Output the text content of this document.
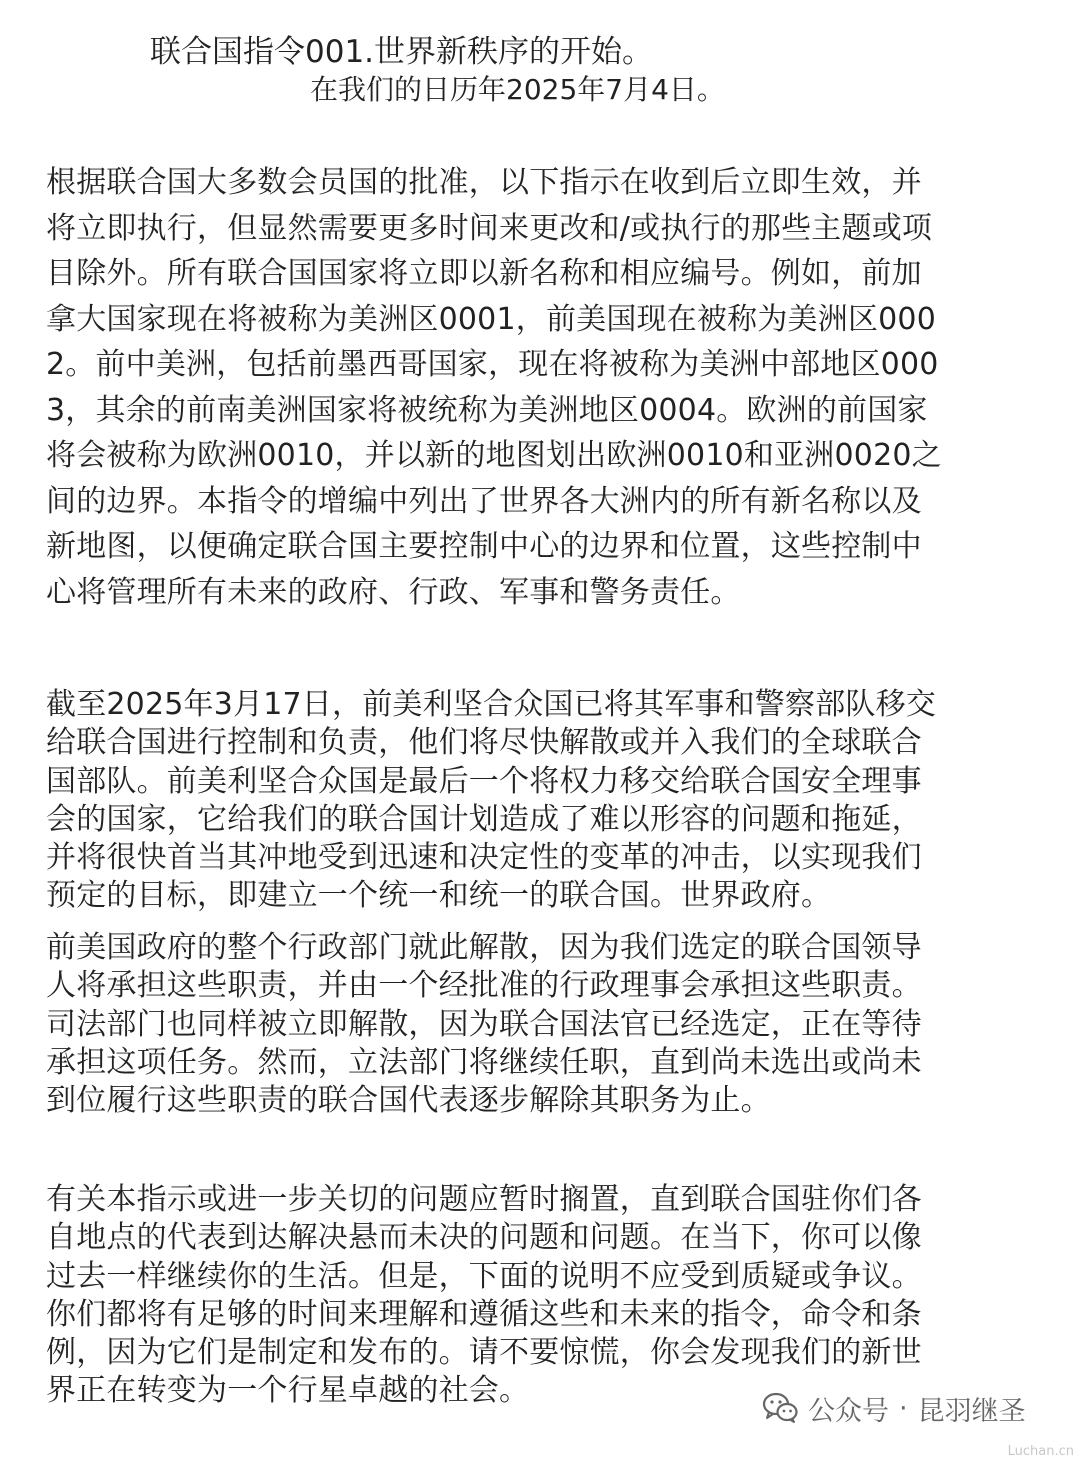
联合国指令001.世界新秩序的开始。
在我们的日历年2025年7月4日。
根据联合国大多数会员国的批准，以下指示在收到后立即生效，并
将立即执行，但显然需要更多时间来更改和/或执行的那些主题或项
目除外。所有联合国国家将立即以新名称和相应编号。例如，前加
拿大国家现在将被称为美洲区0001，前美国现在被称为美洲区000
2。前中美洲，包括前墨西哥国家，现在将被称为美洲中部地区000
3，其余的前南美洲国家将被统称为美洲地区0004。欧洲的前国家
将会被称为欧洲0010，并以新的地图划出欧洲0010和亚洲0020之
间的边界。本指令的增编中列出了世界各大洲内的所有新名称以及
新地图，以便确定联合国主要控制中心的边界和位置，这些控制中
心将管理所有未来的政府、行政、军事和警务责任。
截至2025年3月17日，前美利坚合众国已将其军事和警察部队移交
给联合国进行控制和负责，他们将尽快解散或并入我们的全球联合
国部队。前美利坚合众国是最后一个将权力移交给联合国安全理事
会的国家，它给我们的联合国计划造成了难以形容的问题和拖延，
并将很快首当其冲地受到迅速和决定性的变革的冲击，以实现我们
预定的目标，即建立一个统一和统一的联合国。世界政府。
前美国政府的整个行政部门就此解散，因为我们选定的联合国领导
人将承担这些职责，并由一个经批准的行政理事会承担这些职责。
司法部门也同样被立即解散，因为联合国法官已经选定，正在等待
承担这项任务。然而，立法部门将继续任职，直到尚未选出或尚未
到位履行这些职责的联合国代表逐步解除其职务为止。
有关本指示或进一步关切的问题应暂时搁置，直到联合国驻你们各
自地点的代表到达解决悬而未决的问题和问题。在当下，你可以像
过去一样继续你的生活。但是，下面的说明不应受到质疑或争议。
你们都将有足够的时间来理解和遵循这些和未来的指令，命令和条
例，因为它们是制定和发布的。请不要惊慌，你会发现我们的新世
界正在转变为一个行星卓越的社会。
公众号 · 昆羽继圣
Luchan.cn
